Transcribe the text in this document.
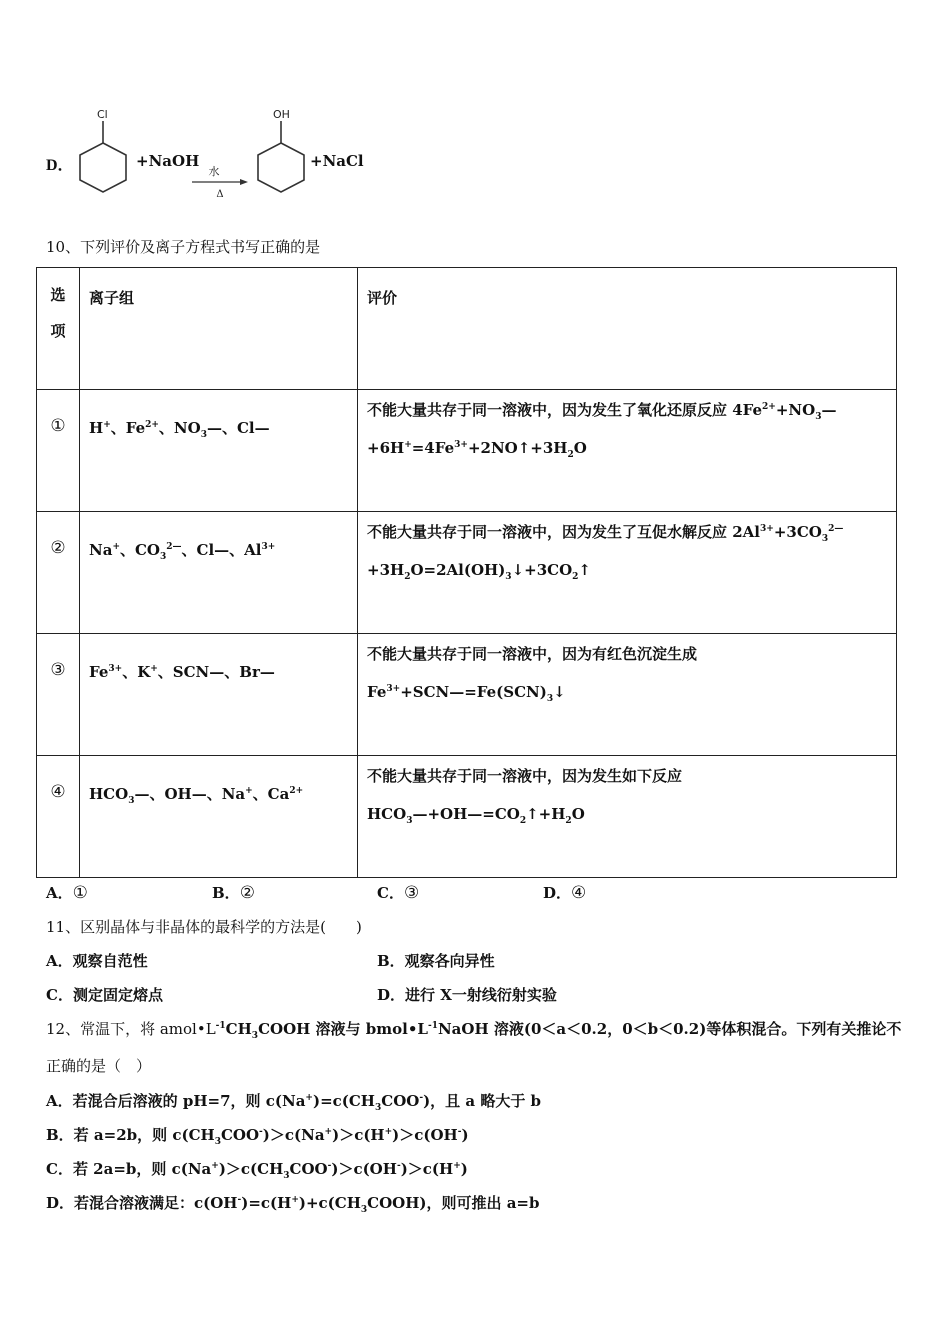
D．
Cl
水
Δ
OH
+NaOH	+NaCl
10、下列评价及离子方程式书写正确的是
选
项	离子组	评价

①	H+、$Fe^{2+}$、$NO_3—$、Cl—	不能大量共存于同一溶液中，因为发生了氧化还原反应 $4Fe^{2+}+NO_3—$
$+6H^+=4Fe^{3+}+2NO↑+3H_2O$

②	Na+、$CO_3^{2—}$、Cl—、$Al^{3+}$	不能大量共存于同一溶液中，因为发生了互促水解反应 $2Al^{3+}+3CO_3^{2—}$
$+3H_2O=2Al(OH)_3↓+3CO_2↑$

③	$Fe^{3+}$、K+、SCN—、Br—	不能大量共存于同一溶液中，因为有红色沉淀生成
$Fe^{3+}+SCN—=Fe(SCN)_3↓$

④	$HCO_3—$、OH—、Na+、$Ca^{2+}$	不能大量共存于同一溶液中，因为发生如下反应
$HCO_3—+OH—=CO_2↑+H_2O$
A．①	B．②	C．③	D．④
11、区别晶体与非晶体的最科学的方法是(　　)
A．观察自范性	B．观察各向异性
C．测定固定熔点	D．进行 X一射线衍射实验
12、常温下，将 $amol•L^{-1}CH_3COOH$ 溶液与 $bmol•L^{-1}NaOH$ 溶液(0＜a＜0.2，0＜b＜0.2)等体积混合。下列有关推论不
正确的是（　）
A．若混合后溶液的 pH=7，则 $c(Na^+)=c(CH_3COO^-)$，且 a 略大于 b
B．若 a=2b，则 $c(CH_3COO^-)>c(Na^+)>c(H^+)>c(OH^-)$
C．若 2a=b，则 $c(Na^+)>c(CH_3COO^-)>c(OH^-)>c(H^+)$
D．若混合溶液满足：$c(OH^-)=c(H^+)+c(CH_3COOH)$，则可推出 a=b
